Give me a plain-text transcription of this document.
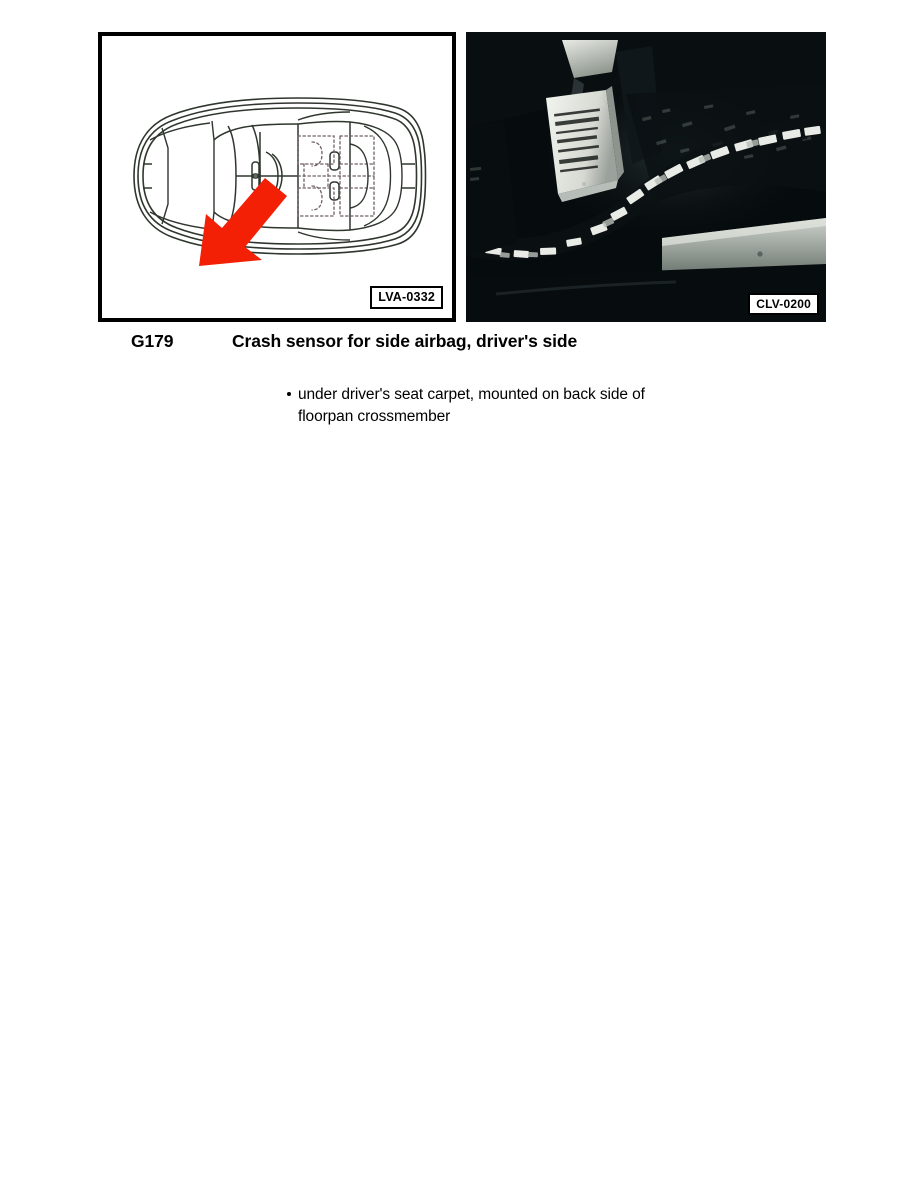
LVA-0332
CLV-0200
G179	Crash sensor for side airbag, driver's side
under driver's seat carpet, mounted on back side of
floorpan crossmember
